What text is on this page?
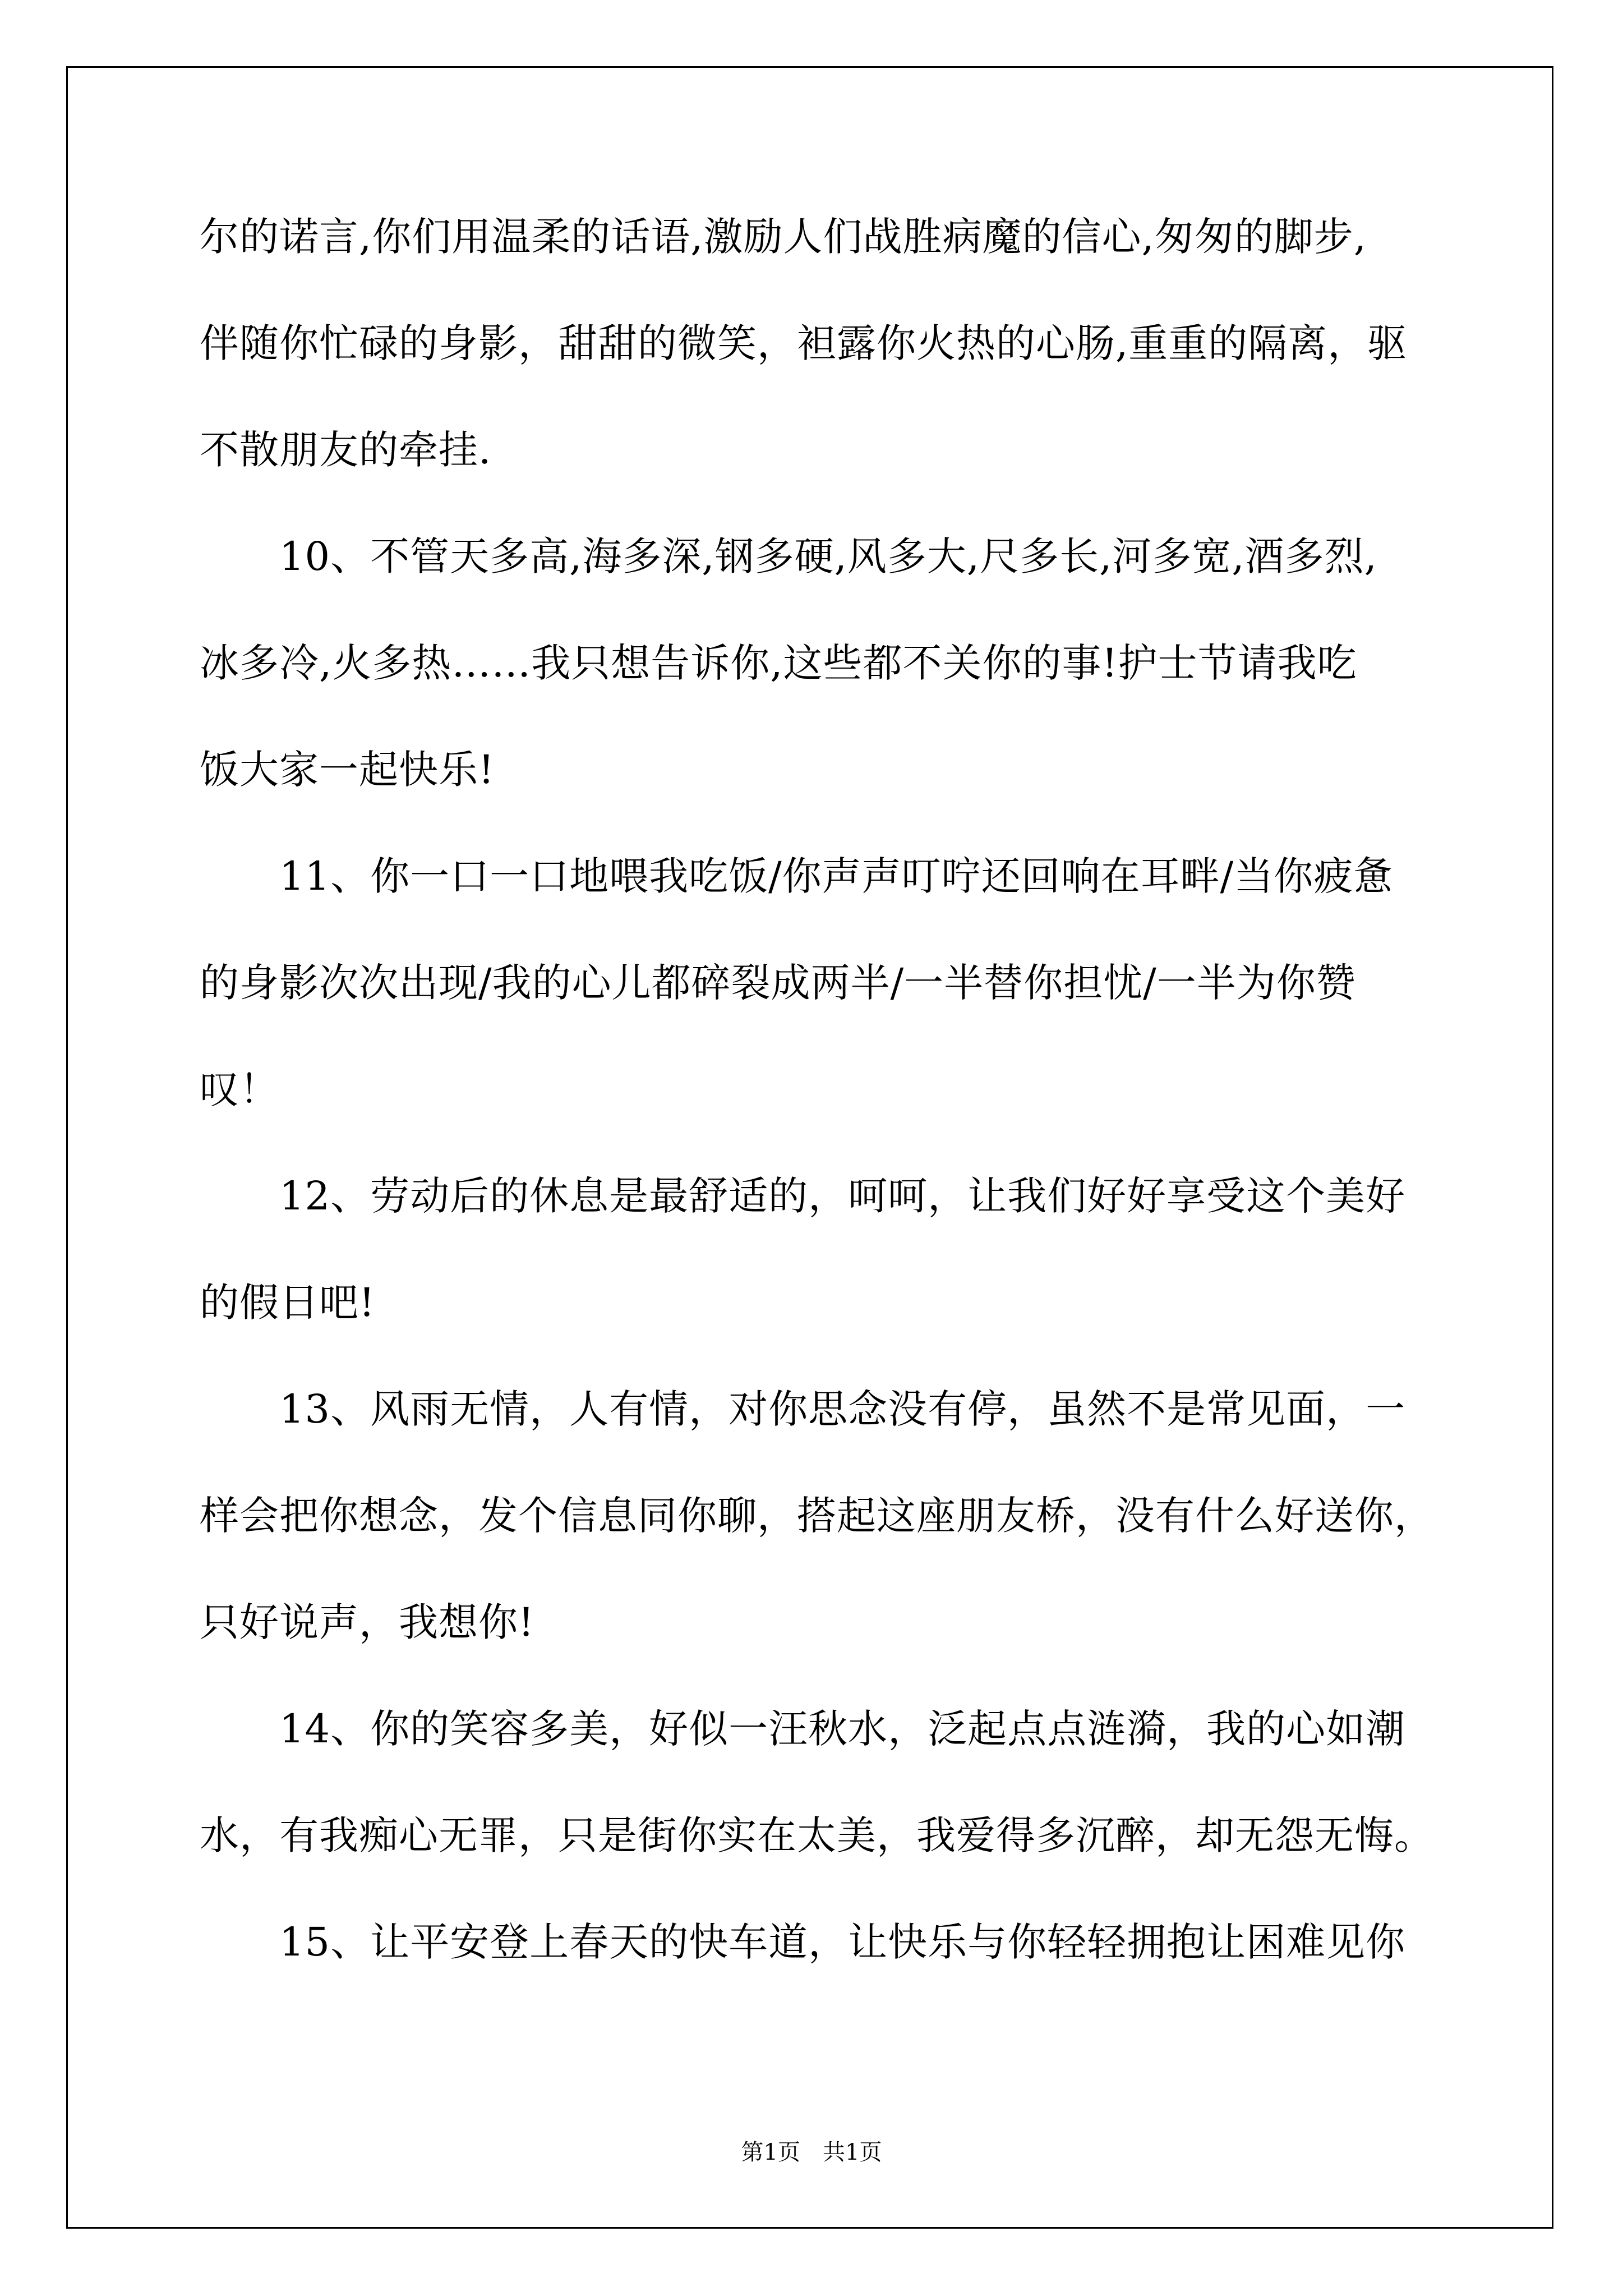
尔的诺言,你们用温柔的话语,激励人们战胜病魔的信心,匆匆的脚步,
伴随你忙碌的身影，甜甜的微笑，袒露你火热的心肠,重重的隔离，驱
不散朋友的牵挂.
　　10、不管天多高,海多深,钢多硬,风多大,尺多长,河多宽,酒多烈,
冰多冷,火多热……我只想告诉你,这些都不关你的事!护士节请我吃
饭大家一起快乐!
　　11、你一口一口地喂我吃饭/你声声叮咛还回响在耳畔/当你疲惫
的身影次次出现/我的心儿都碎裂成两半/一半替你担忧/一半为你赞
叹！
　　12、劳动后的休息是最舒适的，呵呵，让我们好好享受这个美好
的假日吧!
　　13、风雨无情，人有情，对你思念没有停，虽然不是常见面，一
样会把你想念，发个信息同你聊，搭起这座朋友桥，没有什么好送你，
只好说声，我想你!
　　14、你的笑容多美，好似一汪秋水，泛起点点涟漪，我的心如潮
水，有我痴心无罪，只是街你实在太美，我爱得多沉醉，却无怨无悔。
　　15、让平安登上春天的快车道，让快乐与你轻轻拥抱让困难见你
第1页　共1页
